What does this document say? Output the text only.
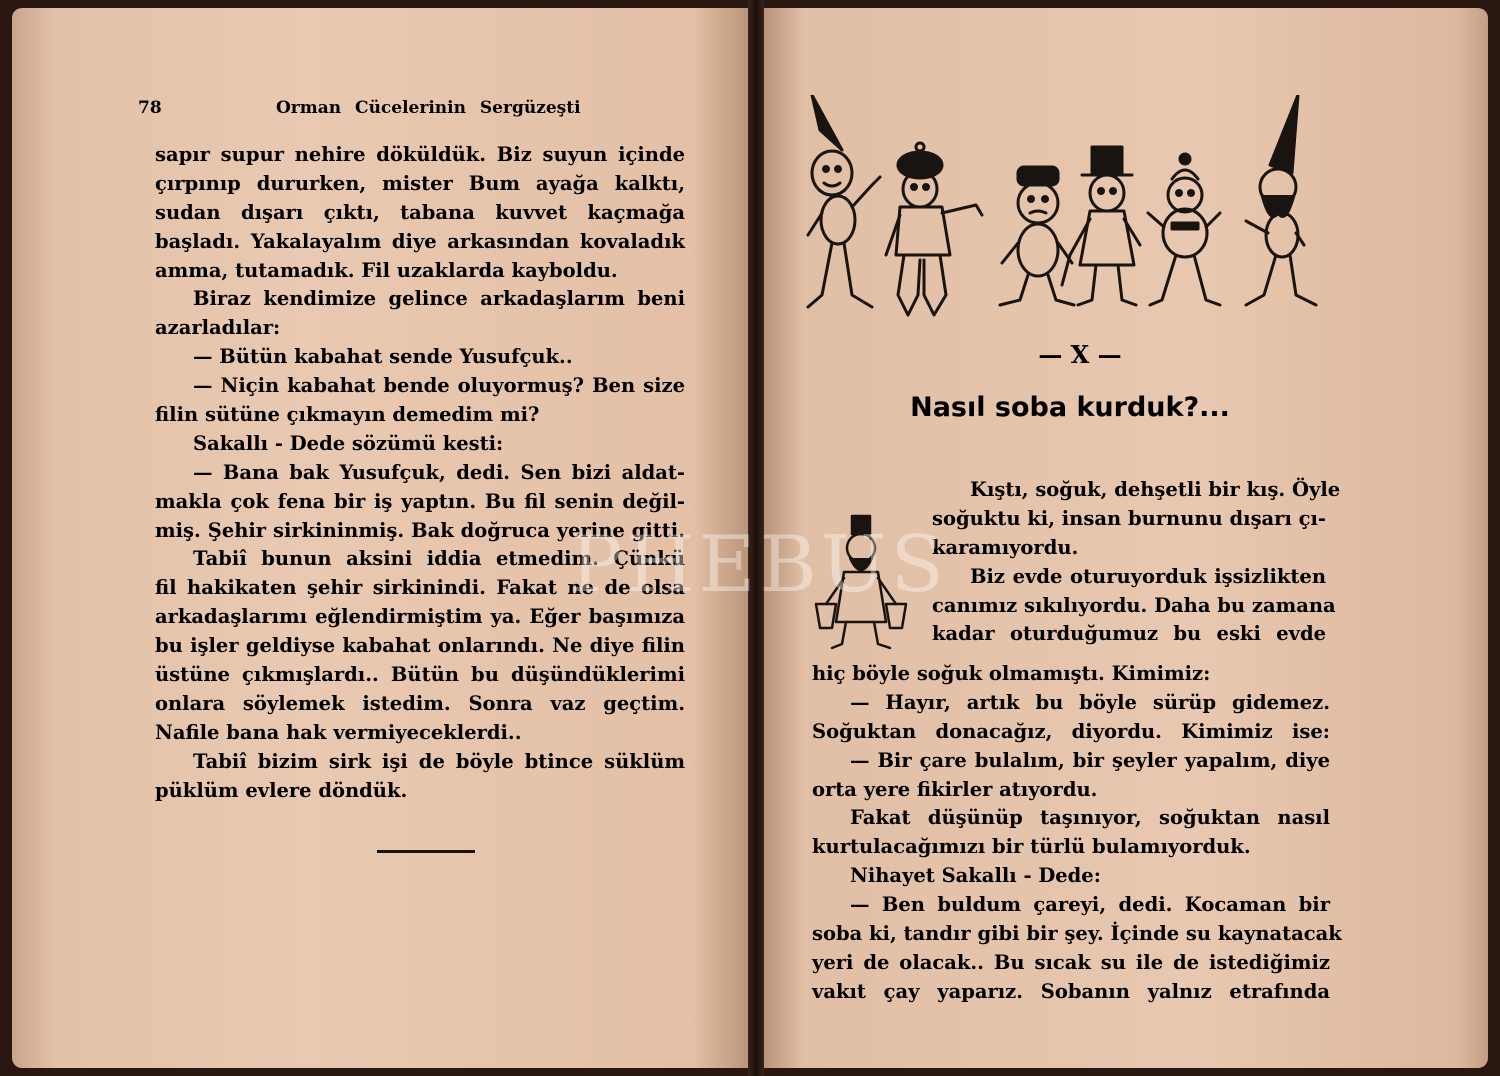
78	Orman Cücelerinin Sergüzeşti
sapır supur nehire döküldük. Biz suyun içinde
çırpınıp dururken, mister Bum ayağa kalktı,
sudan dışarı çıktı, tabana kuvvet kaçmağa
başladı. Yakalayalım diye arkasından kovaladık
amma, tutamadık. Fil uzaklarda kayboldu.
Biraz kendimize gelince arkadaşlarım beni
azarladılar:
— Bütün kabahat sende Yusufçuk..
— Niçin kabahat bende oluyormuş? Ben size
filin sütüne çıkmayın demedim mi?
Sakallı - Dede sözümü kesti:
— Bana bak Yusufçuk, dedi. Sen bizi aldat-
makla çok fena bir iş yaptın. Bu fil senin değil-
miş. Şehir sirkininmiş. Bak doğruca yerine gitti.
Tabiî bunun aksini iddia etmedim. Çünkü
fil hakikaten şehir sirkinindi. Fakat ne de olsa
arkadaşlarımı eğlendirmiştim ya. Eğer başımıza
bu işler geldiyse kabahat onlarındı. Ne diye filin
üstüne çıkmışlardı.. Bütün bu düşündüklerimi
onlara söylemek istedim. Sonra vaz geçtim.
Nafile bana hak vermiyeceklerdi..
Tabiî bizim sirk işi de böyle btince süklüm
püklüm evlere döndük.
— X —
Nasıl soba kurduk?...
Kıştı, soğuk, dehşetli bir kış. Öyle
soğuktu ki, insan burnunu dışarı çı-
karamıyordu.
Biz evde oturuyorduk işsizlikten
canımız sıkılıyordu. Daha bu zamana
kadar oturduğumuz bu eski evde
hiç böyle soğuk olmamıştı. Kimimiz:
— Hayır, artık bu böyle sürüp gidemez.
Soğuktan donacağız, diyordu. Kimimiz ise:
— Bir çare bulalım, bir şeyler yapalım, diye
orta yere fikirler atıyordu.
Fakat düşünüp taşınıyor, soğuktan nasıl
kurtulacağımızı bir türlü bulamıyorduk.
Nihayet Sakallı - Dede:
— Ben buldum çareyi, dedi. Kocaman bir
soba ki, tandır gibi bir şey. İçinde su kaynatacak
yeri de olacak.. Bu sıcak su ile de istediğimiz
vakıt çay yaparız. Sobanın yalnız etrafında
PHEBUS
